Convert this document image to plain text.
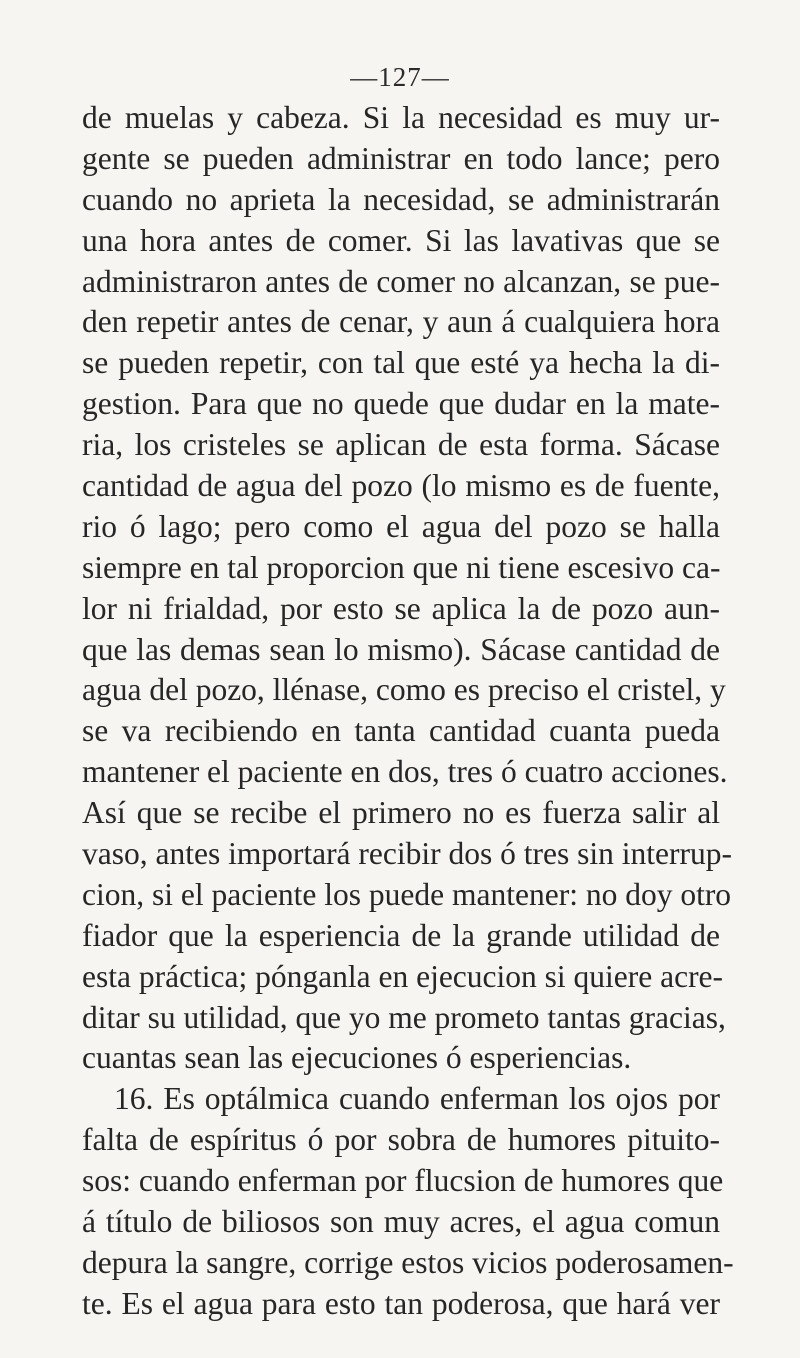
—127—
de muelas y cabeza. Si la necesidad es muy ur-
gente se pueden administrar en todo lance; pero
cuando no aprieta la necesidad, se administrarán
una hora antes de comer. Si las lavativas que se
administraron antes de comer no alcanzan, se pue-
den repetir antes de cenar, y aun á cualquiera hora
se pueden repetir, con tal que esté ya hecha la di-
gestion. Para que no quede que dudar en la mate-
ria, los cristeles se aplican de esta forma. Sácase
cantidad de agua del pozo (lo mismo es de fuente,
rio ó lago; pero como el agua del pozo se halla
siempre en tal proporcion que ni tiene escesivo ca-
lor ni frialdad, por esto se aplica la de pozo aun-
que las demas sean lo mismo). Sácase cantidad de
agua del pozo, llénase, como es preciso el cristel, y
se va recibiendo en tanta cantidad cuanta pueda
mantener el paciente en dos, tres ó cuatro acciones.
Así que se recibe el primero no es fuerza salir al
vaso, antes importará recibir dos ó tres sin interrup-
cion, si el paciente los puede mantener: no doy otro
fiador que la esperiencia de la grande utilidad de
esta práctica; pónganla en ejecucion si quiere acre-
ditar su utilidad, que yo me prometo tantas gracias,
cuantas sean las ejecuciones ó esperiencias.
16. Es optálmica cuando enferman los ojos por
falta de espíritus ó por sobra de humores pituito-
sos: cuando enferman por flucsion de humores que
á título de biliosos son muy acres, el agua comun
depura la sangre, corrige estos vicios poderosamen-
te. Es el agua para esto tan poderosa, que hará ver
